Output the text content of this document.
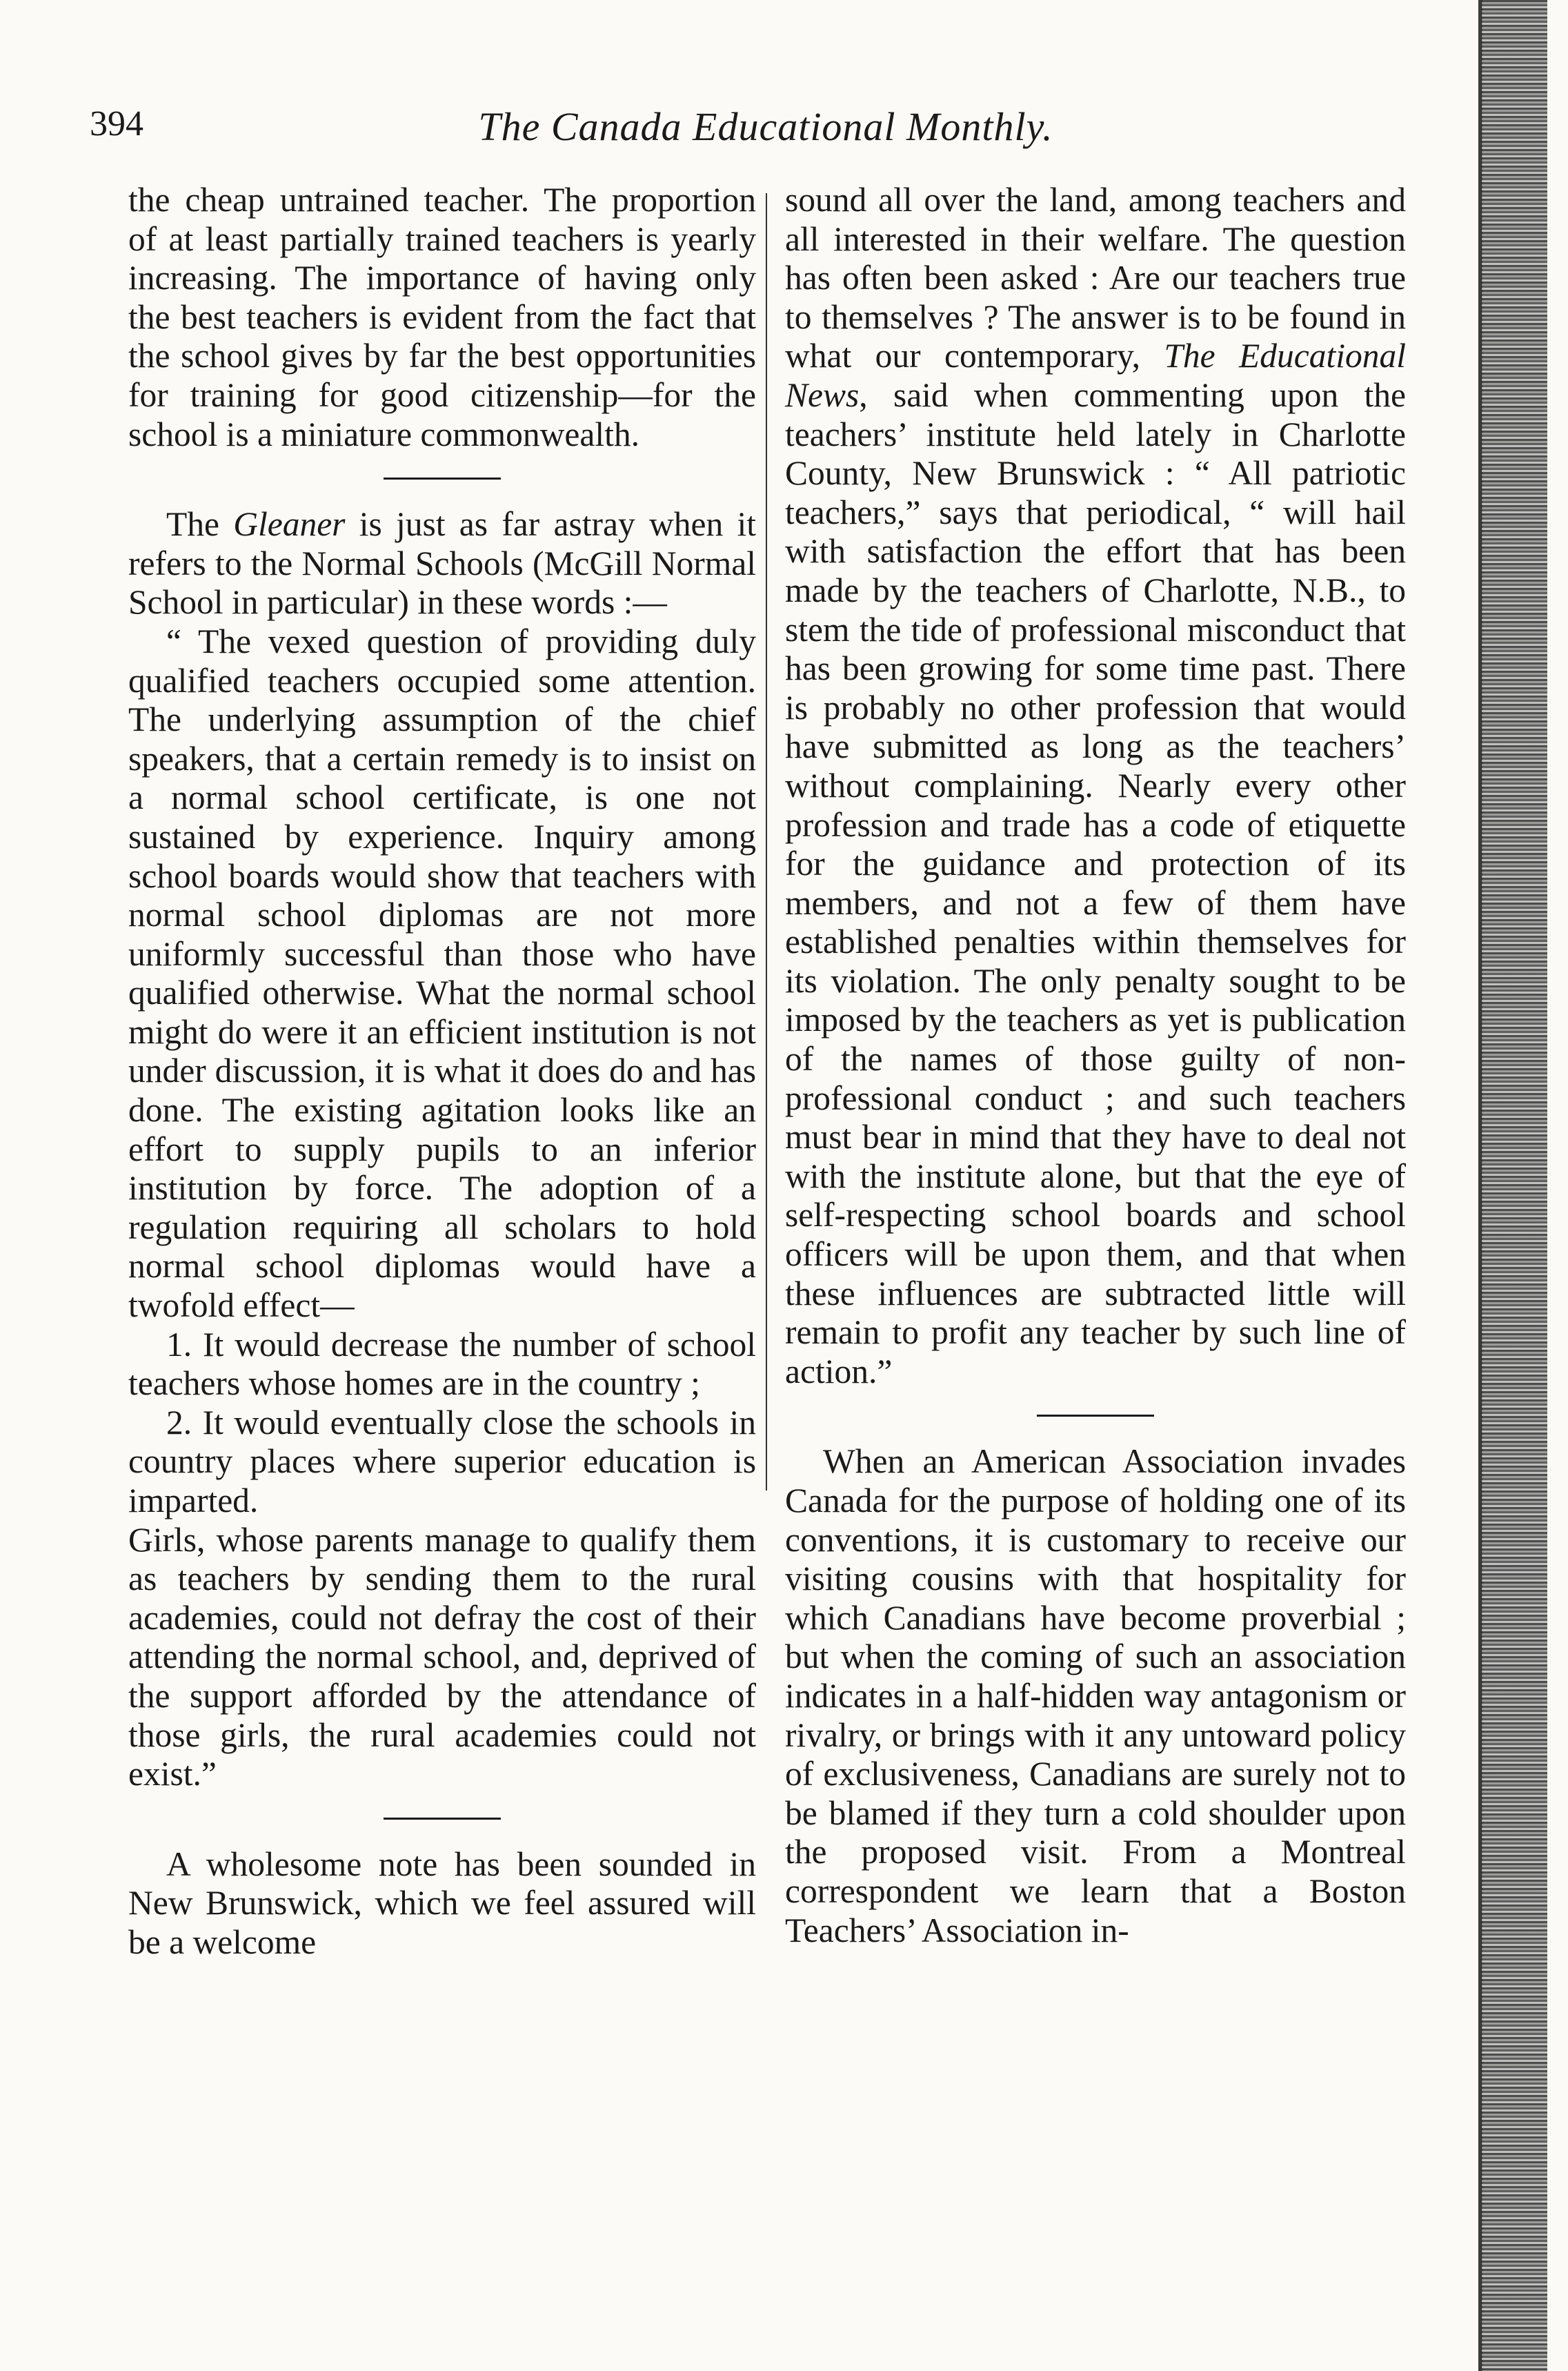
394	The Canada Educational Monthly.

the cheap untrained teacher. The proportion of at least partially trained teachers is yearly increasing. The importance of having only the best teachers is evident from the fact that the school gives by far the best opportunities for training for good citizenship—for the school is a miniature commonwealth.

The Gleaner is just as far astray when it refers to the Normal Schools (McGill Normal School in particular) in these words :—

“ The vexed question of providing duly qualified teachers occupied some attention. The underlying assumption of the chief speakers, that a certain remedy is to insist on a normal school certificate, is one not sustained by experience. Inquiry among school boards would show that teachers with normal school diplomas are not more uniformly successful than those who have qualified otherwise. What the normal school might do were it an efficient institution is not under discussion, it is what it does do and has done. The existing agitation looks like an effort to supply pupils to an inferior institution by force. The adoption of a regulation requiring all scholars to hold normal school diplomas would have a twofold effect—

1. It would decrease the number of school teachers whose homes are in the country ;

2. It would eventually close the schools in country places where superior education is imparted.

Girls, whose parents manage to qualify them as teachers by sending them to the rural academies, could not defray the cost of their attending the normal school, and, deprived of the support afforded by the attendance of those girls, the rural academies could not exist.”

A wholesome note has been sounded in New Brunswick, which we feel assured will be a welcome

sound all over the land, among teachers and all interested in their welfare. The question has often been asked : Are our teachers true to themselves ? The answer is to be found in what our contemporary, The Educational News, said when commenting upon the teachers’ institute held lately in Charlotte County, New Brunswick : “ All patriotic teachers,” says that periodical, “ will hail with satisfaction the effort that has been made by the teachers of Charlotte, N.B., to stem the tide of professional misconduct that has been growing for some time past. There is probably no other profession that would have submitted as long as the teachers’ without complaining. Nearly every other profession and trade has a code of etiquette for the guidance and protection of its members, and not a few of them have established penalties within themselves for its violation. The only penalty sought to be imposed by the teachers as yet is publication of the names of those guilty of non-professional conduct ; and such teachers must bear in mind that they have to deal not with the institute alone, but that the eye of self-respecting school boards and school officers will be upon them, and that when these influences are subtracted little will remain to profit any teacher by such line of action.”

When an American Association invades Canada for the purpose of holding one of its conventions, it is customary to receive our visiting cousins with that hospitality for which Canadians have become proverbial ; but when the coming of such an association indicates in a half-hidden way antagonism or rivalry, or brings with it any untoward policy of exclusiveness, Canadians are surely not to be blamed if they turn a cold shoulder upon the proposed visit. From a Montreal correspondent we learn that a Boston Teachers’ Association in-
